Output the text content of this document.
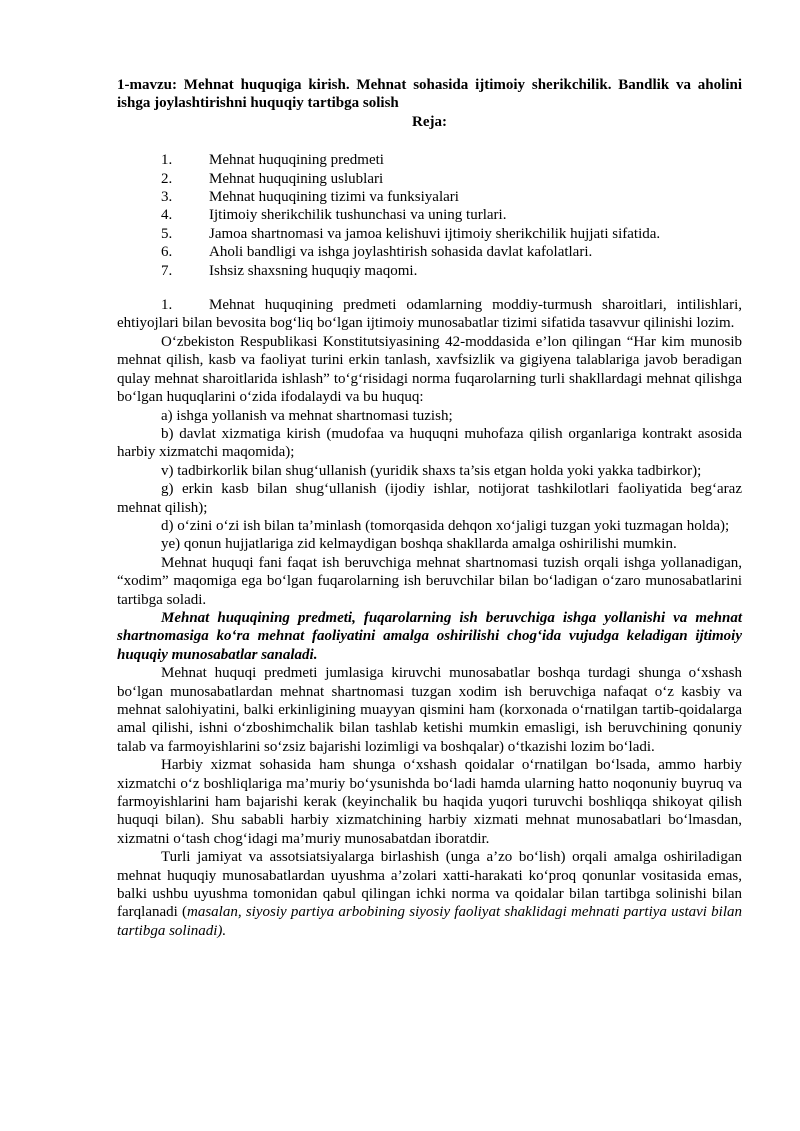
1-mavzu: Mehnat huquqiga kirish. Mehnat sohasida ijtimoiy sherikchilik. Bandlik va aholini ishga joylashtirishni huquqiy tartibga solish

Reja:

1.	Mehnat huquqining predmeti
2.	Mehnat huquqining uslublari
3.	Mehnat huquqining tizimi va funksiyalari
4.	Ijtimoiy sherikchilik tushunchasi va uning turlari.
5.	Jamoa shartnomasi va jamoa kelishuvi ijtimoiy sherikchilik hujjati sifatida.
6.	Aholi bandligi va ishga joylashtirish sohasida davlat kafolatlari.
7.	Ishsiz shaxsning huquqiy maqomi.

1. Mehnat huquqining predmeti odamlarning moddiy-turmush sharoitlari, intilishlari, ehtiyojlari bilan bevosita bog‘liq bo‘lgan ijtimoiy munosabatlar tizimi sifatida tasavvur qilinishi lozim.

O‘zbekiston Respublikasi Konstitutsiyasining 42-moddasida e’lon qilingan “Har kim munosib mehnat qilish, kasb va faoliyat turini erkin tanlash, xavfsizlik va gigiyena talablariga javob beradigan qulay mehnat sharoitlarida ishlash” to‘g‘risidagi norma fuqarolarning turli shakllardagi mehnat qilishga bo‘lgan huquqlarini o‘zida ifodalaydi va bu huquq:

a) ishga yollanish va mehnat shartnomasi tuzish;

b) davlat xizmatiga kirish (mudofaa va huquqni muhofaza qilish organlariga kontrakt asosida harbiy xizmatchi maqomida);

v) tadbirkorlik bilan shug‘ullanish (yuridik shaxs ta’sis etgan holda yoki yakka tadbirkor);

g) erkin kasb bilan shug‘ullanish (ijodiy ishlar, notijorat tashkilotlari faoliyatida beg‘araz mehnat qilish);

d) o‘zini o‘zi ish bilan ta’minlash (tomorqasida dehqon xo‘jaligi tuzgan yoki tuzmagan holda);

ye) qonun hujjatlariga zid kelmaydigan boshqa shakllarda amalga oshirilishi mumkin.

Mehnat huquqi fani faqat ish beruvchiga mehnat shartnomasi tuzish orqali ishga yollanadigan, “xodim” maqomiga ega bo‘lgan fuqarolarning ish beruvchilar bilan bo‘ladigan o‘zaro munosabatlarini tartibga soladi.

Mehnat huquqining predmeti, fuqarolarning ish beruvchiga ishga yollanishi va mehnat shartnomasiga ko‘ra mehnat faoliyatini amalga oshirilishi chog‘ida vujudga keladigan ijtimoiy huquqiy munosabatlar sanaladi.

Mehnat huquqi predmeti jumlasiga kiruvchi munosabatlar boshqa turdagi shunga o‘xshash bo‘lgan munosabatlardan mehnat shartnomasi tuzgan xodim ish beruvchiga nafaqat o‘z kasbiy va mehnat salohiyatini, balki erkinligining muayyan qismini ham (korxonada o‘rnatilgan tartib-qoidalarga amal qilishi, ishni o‘zboshimchalik bilan tashlab ketishi mumkin emasligi, ish beruvchining qonuniy talab va farmoyishlarini so‘zsiz bajarishi lozimligi va boshqalar) o‘tkazishi lozim bo‘ladi.

Harbiy xizmat sohasida ham shunga o‘xshash qoidalar o‘rnatilgan bo‘lsada, ammo harbiy xizmatchi o‘z boshliqlariga ma’muriy bo‘ysunishda bo‘ladi hamda ularning hatto noqonuniy buyruq va farmoyishlarini ham bajarishi kerak (keyinchalik bu haqida yuqori turuvchi boshliqqa shikoyat qilish huquqi bilan). Shu sababli harbiy xizmatchining harbiy xizmati mehnat munosabatlari bo‘lmasdan, xizmatni o‘tash chog‘idagi ma’muriy munosabatdan iboratdir.

Turli jamiyat va assotsiatsiyalarga birlashish (unga a’zo bo‘lish) orqali amalga oshiriladigan mehnat huquqiy munosabatlardan uyushma a’zolari xatti-harakati ko‘proq qonunlar vositasida emas, balki ushbu uyushma tomonidan qabul qilingan ichki norma va qoidalar bilan tartibga solinishi bilan farqlanadi (masalan, siyosiy partiya arbobining siyosiy faoliyat shaklidagi mehnati partiya ustavi bilan tartibga solinadi).
